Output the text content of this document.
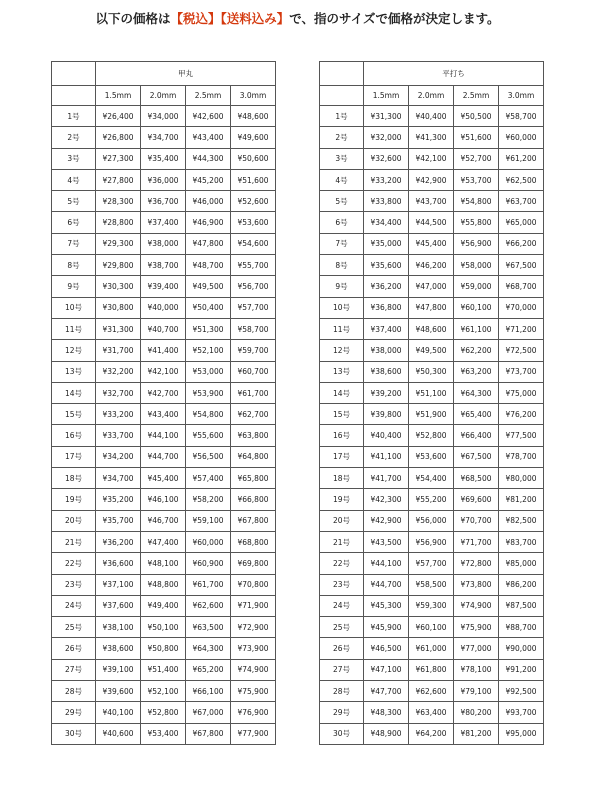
以下の価格は【税込】【送料込み】で、指のサイズで価格が決定します。
	甲丸			
	1.5mm	2.0mm	2.5mm	3.0mm
1号	¥26,400	¥34,000	¥42,600	¥48,600
2号	¥26,800	¥34,700	¥43,400	¥49,600
3号	¥27,300	¥35,400	¥44,300	¥50,600
4号	¥27,800	¥36,000	¥45,200	¥51,600
5号	¥28,300	¥36,700	¥46,000	¥52,600
6号	¥28,800	¥37,400	¥46,900	¥53,600
7号	¥29,300	¥38,000	¥47,800	¥54,600
8号	¥29,800	¥38,700	¥48,700	¥55,700
9号	¥30,300	¥39,400	¥49,500	¥56,700
10号	¥30,800	¥40,000	¥50,400	¥57,700
11号	¥31,300	¥40,700	¥51,300	¥58,700
12号	¥31,700	¥41,400	¥52,100	¥59,700
13号	¥32,200	¥42,100	¥53,000	¥60,700
14号	¥32,700	¥42,700	¥53,900	¥61,700
15号	¥33,200	¥43,400	¥54,800	¥62,700
16号	¥33,700	¥44,100	¥55,600	¥63,800
17号	¥34,200	¥44,700	¥56,500	¥64,800
18号	¥34,700	¥45,400	¥57,400	¥65,800
19号	¥35,200	¥46,100	¥58,200	¥66,800
20号	¥35,700	¥46,700	¥59,100	¥67,800
21号	¥36,200	¥47,400	¥60,000	¥68,800
22号	¥36,600	¥48,100	¥60,900	¥69,800
23号	¥37,100	¥48,800	¥61,700	¥70,800
24号	¥37,600	¥49,400	¥62,600	¥71,900
25号	¥38,100	¥50,100	¥63,500	¥72,900
26号	¥38,600	¥50,800	¥64,300	¥73,900
27号	¥39,100	¥51,400	¥65,200	¥74,900
28号	¥39,600	¥52,100	¥66,100	¥75,900
29号	¥40,100	¥52,800	¥67,000	¥76,900
30号	¥40,600	¥53,400	¥67,800	¥77,900
	平打ち			
	1.5mm	2.0mm	2.5mm	3.0mm
1号	¥31,300	¥40,400	¥50,500	¥58,700
2号	¥32,000	¥41,300	¥51,600	¥60,000
3号	¥32,600	¥42,100	¥52,700	¥61,200
4号	¥33,200	¥42,900	¥53,700	¥62,500
5号	¥33,800	¥43,700	¥54,800	¥63,700
6号	¥34,400	¥44,500	¥55,800	¥65,000
7号	¥35,000	¥45,400	¥56,900	¥66,200
8号	¥35,600	¥46,200	¥58,000	¥67,500
9号	¥36,200	¥47,000	¥59,000	¥68,700
10号	¥36,800	¥47,800	¥60,100	¥70,000
11号	¥37,400	¥48,600	¥61,100	¥71,200
12号	¥38,000	¥49,500	¥62,200	¥72,500
13号	¥38,600	¥50,300	¥63,200	¥73,700
14号	¥39,200	¥51,100	¥64,300	¥75,000
15号	¥39,800	¥51,900	¥65,400	¥76,200
16号	¥40,400	¥52,800	¥66,400	¥77,500
17号	¥41,100	¥53,600	¥67,500	¥78,700
18号	¥41,700	¥54,400	¥68,500	¥80,000
19号	¥42,300	¥55,200	¥69,600	¥81,200
20号	¥42,900	¥56,000	¥70,700	¥82,500
21号	¥43,500	¥56,900	¥71,700	¥83,700
22号	¥44,100	¥57,700	¥72,800	¥85,000
23号	¥44,700	¥58,500	¥73,800	¥86,200
24号	¥45,300	¥59,300	¥74,900	¥87,500
25号	¥45,900	¥60,100	¥75,900	¥88,700
26号	¥46,500	¥61,000	¥77,000	¥90,000
27号	¥47,100	¥61,800	¥78,100	¥91,200
28号	¥47,700	¥62,600	¥79,100	¥92,500
29号	¥48,300	¥63,400	¥80,200	¥93,700
30号	¥48,900	¥64,200	¥81,200	¥95,000
